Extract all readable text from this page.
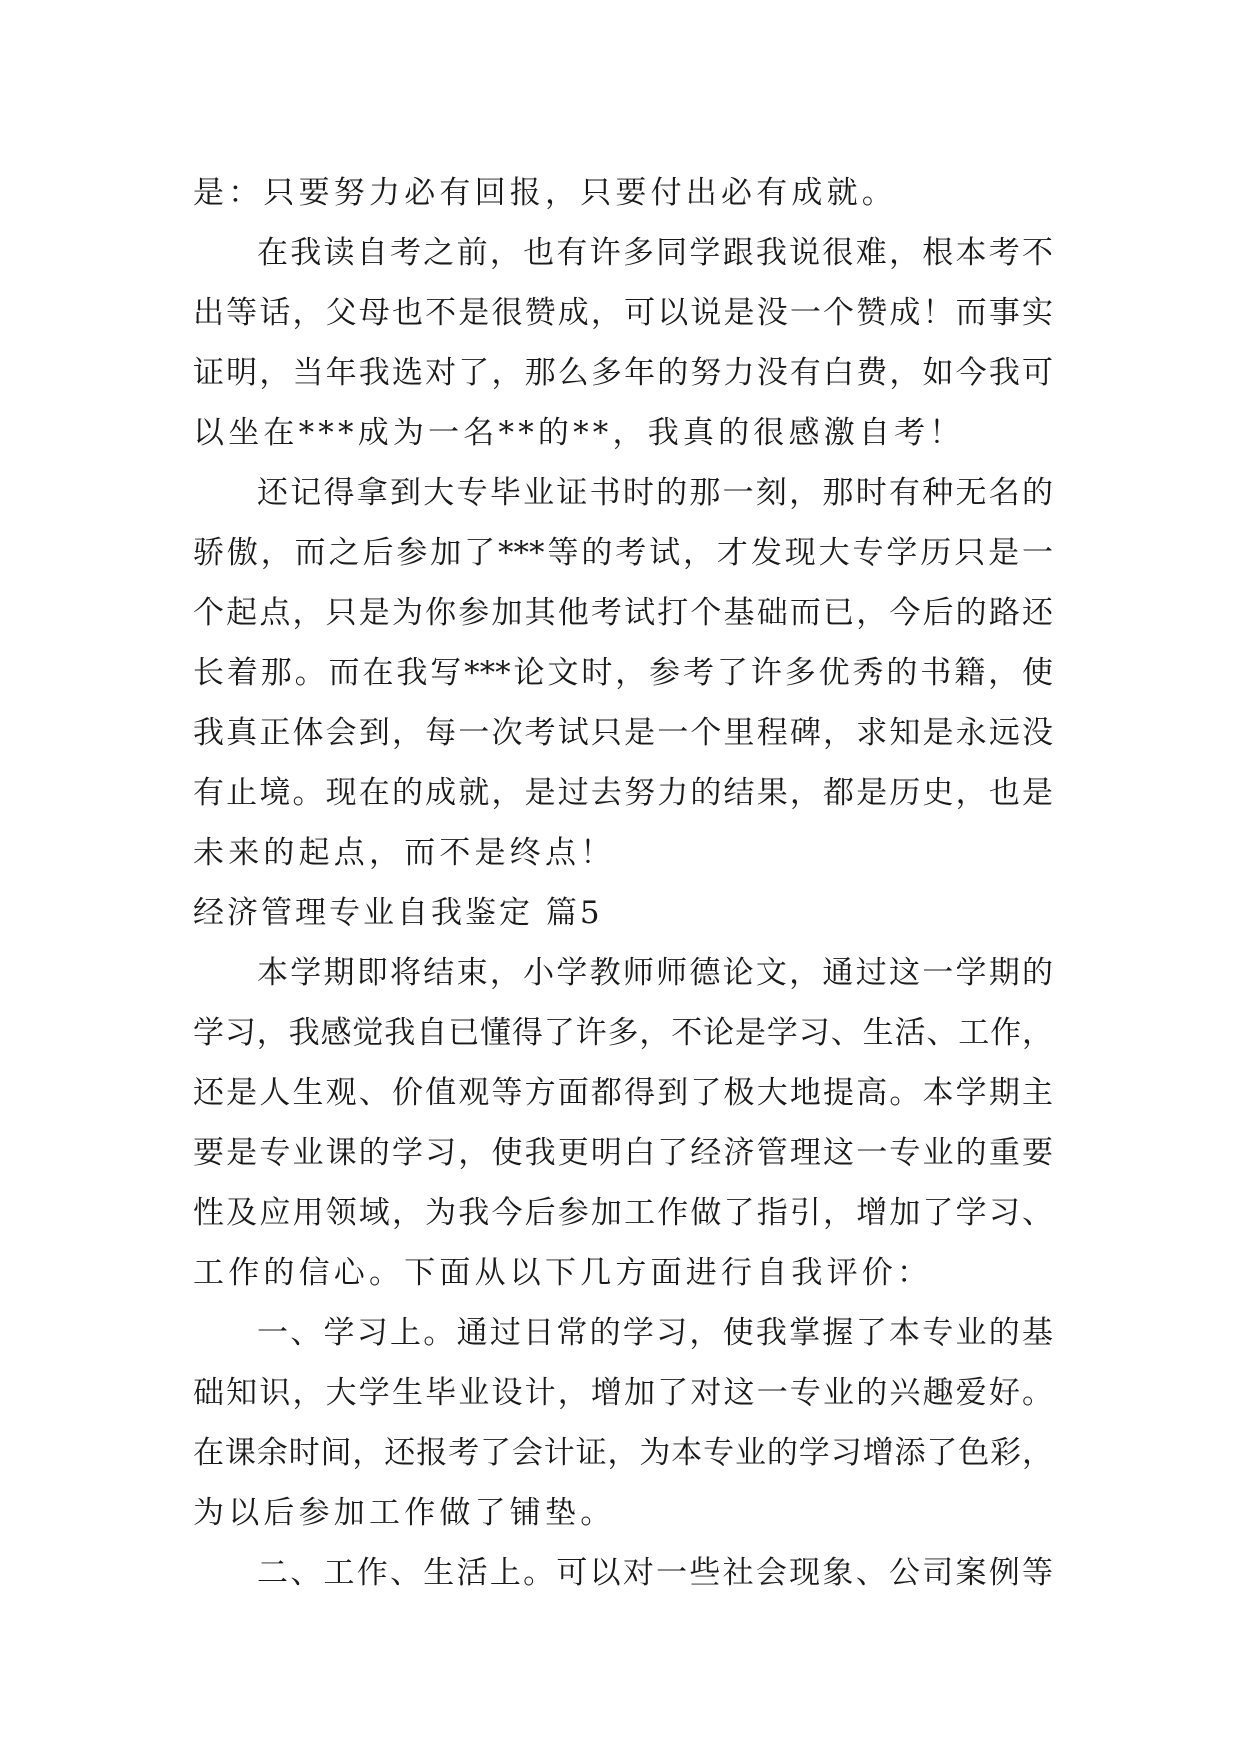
是：只要努力必有回报，只要付出必有成就。
在我读自考之前，也有许多同学跟我说很难，根本考不
出等话，父母也不是很赞成，可以说是没一个赞成！而事实
证明，当年我选对了，那么多年的努力没有白费，如今我可
以坐在***成为一名**的**，我真的很感激自考！
还记得拿到大专毕业证书时的那一刻，那时有种无名的
骄傲，而之后参加了***等的考试，才发现大专学历只是一
个起点，只是为你参加其他考试打个基础而已，今后的路还
长着那。而在我写***论文时，参考了许多优秀的书籍，使
我真正体会到，每一次考试只是一个里程碑，求知是永远没
有止境。现在的成就，是过去努力的结果，都是历史，也是
未来的起点，而不是终点！
经济管理专业自我鉴定 篇5
本学期即将结束，小学教师师德论文，通过这一学期的
学习，我感觉我自已懂得了许多，不论是学习、生活、工作，
还是人生观、价值观等方面都得到了极大地提高。本学期主
要是专业课的学习，使我更明白了经济管理这一专业的重要
性及应用领域，为我今后参加工作做了指引，增加了学习、
工作的信心。下面从以下几方面进行自我评价：
一、学习上。通过日常的学习，使我掌握了本专业的基
础知识，大学生毕业设计，增加了对这一专业的兴趣爱好。
在课余时间，还报考了会计证，为本专业的学习增添了色彩，
为以后参加工作做了铺垫。
二、工作、生活上。可以对一些社会现象、公司案例等
